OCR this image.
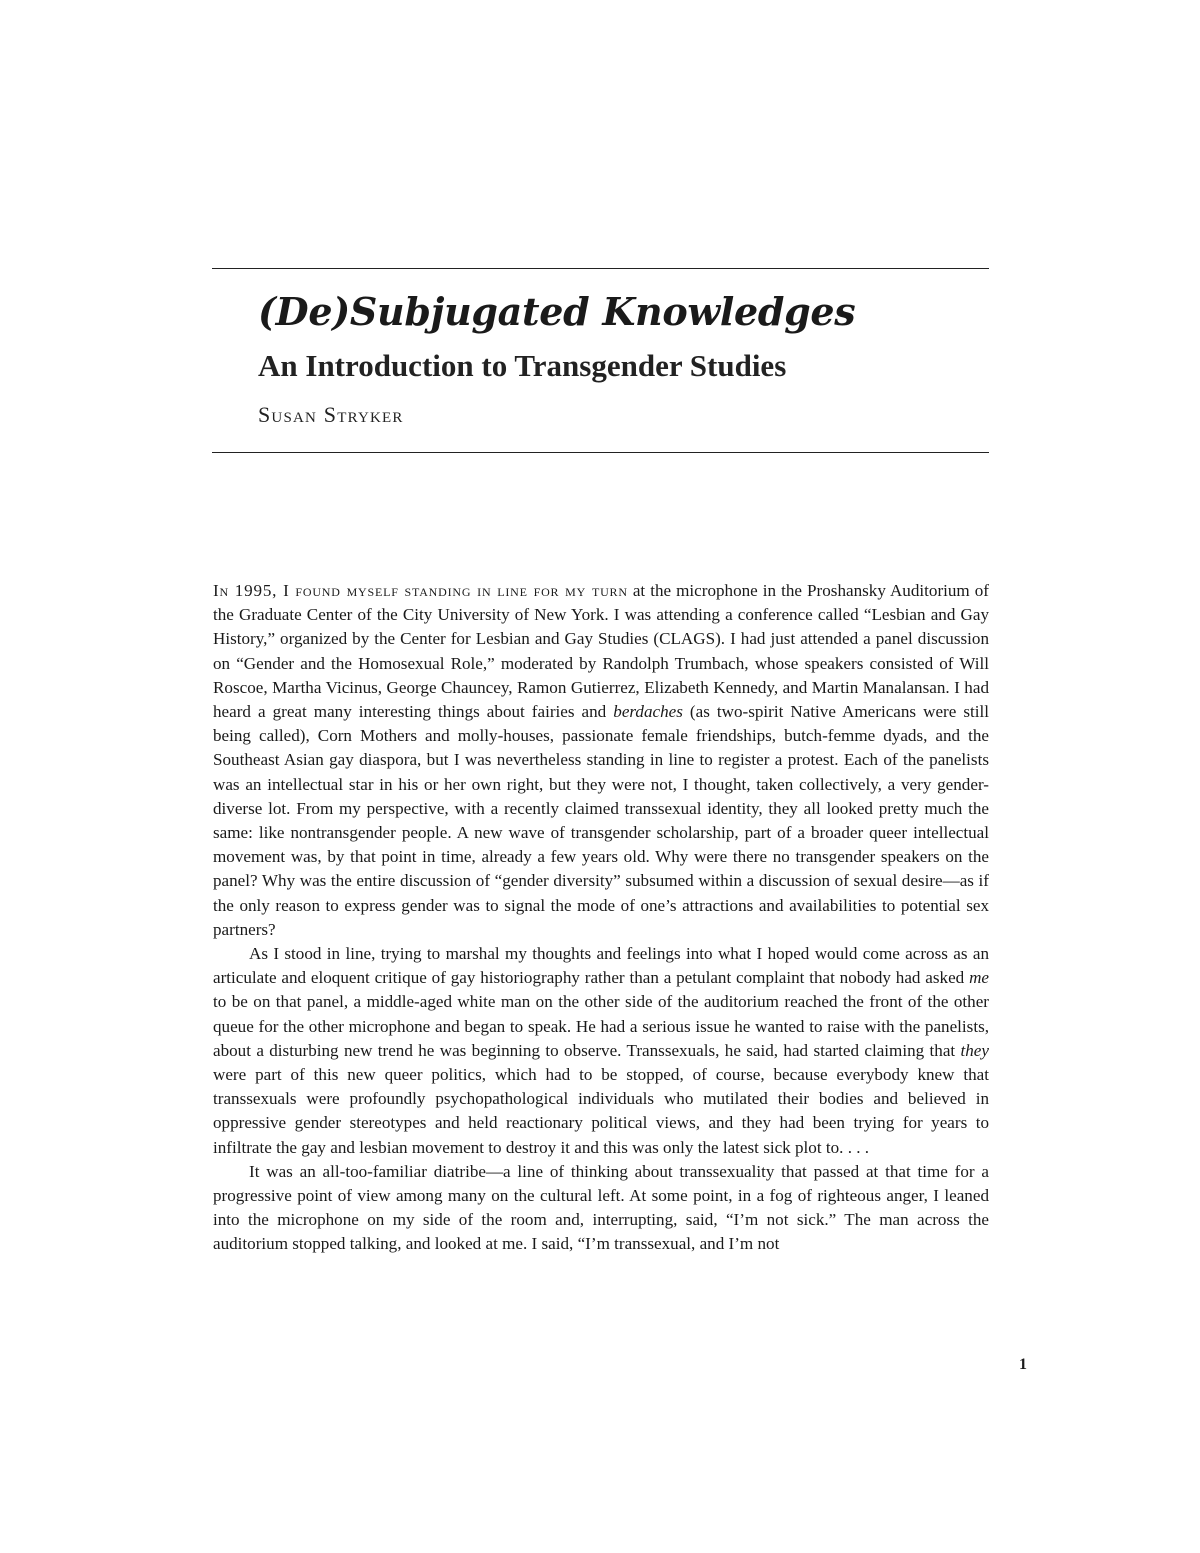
(De)Subjugated Knowledges
An Introduction to Transgender Studies
Susan Stryker

In 1995, I found myself standing in line for my turn at the microphone in the Proshansky Auditorium of the Graduate Center of the City University of New York. I was attending a conference called “Lesbian and Gay History,” organized by the Center for Lesbian and Gay Studies (CLAGS). I had just attended a panel discussion on “Gender and the Homosexual Role,” moderated by Randolph Trumbach, whose speakers consisted of Will Roscoe, Martha Vicinus, George Chauncey, Ramon Gutierrez, Elizabeth Kennedy, and Martin Manalansan. I had heard a great many interesting things about fairies and berdaches (as two-spirit Native Americans were still being called), Corn Mothers and molly-houses, passionate female friendships, butch-femme dyads, and the Southeast Asian gay diaspora, but I was nevertheless standing in line to register a protest. Each of the panelists was an intellectual star in his or her own right, but they were not, I thought, taken collectively, a very gender-diverse lot. From my perspective, with a recently claimed transsexual identity, they all looked pretty much the same: like nontransgender people. A new wave of transgender scholarship, part of a broader queer intellectual movement was, by that point in time, already a few years old. Why were there no transgender speakers on the panel? Why was the entire discussion of “gender diversity” subsumed within a discussion of sexual desire—as if the only reason to express gender was to signal the mode of one’s attractions and availabilities to potential sex partners?

As I stood in line, trying to marshal my thoughts and feelings into what I hoped would come across as an articulate and eloquent critique of gay historiography rather than a petulant complaint that nobody had asked me to be on that panel, a middle-aged white man on the other side of the auditorium reached the front of the other queue for the other microphone and began to speak. He had a serious issue he wanted to raise with the panelists, about a disturbing new trend he was beginning to observe. Transsexuals, he said, had started claiming that they were part of this new queer politics, which had to be stopped, of course, because everybody knew that transsexuals were profoundly psychopathological individuals who mutilated their bodies and believed in oppressive gender stereotypes and held reactionary political views, and they had been trying for years to infiltrate the gay and lesbian movement to destroy it and this was only the latest sick plot to. . . .

It was an all-too-familiar diatribe—a line of thinking about transsexuality that passed at that time for a progressive point of view among many on the cultural left. At some point, in a fog of righteous anger, I leaned into the microphone on my side of the room and, interrupting, said, “I’m not sick.” The man across the auditorium stopped talking, and looked at me. I said, “I’m transsexual, and I’m not

1
